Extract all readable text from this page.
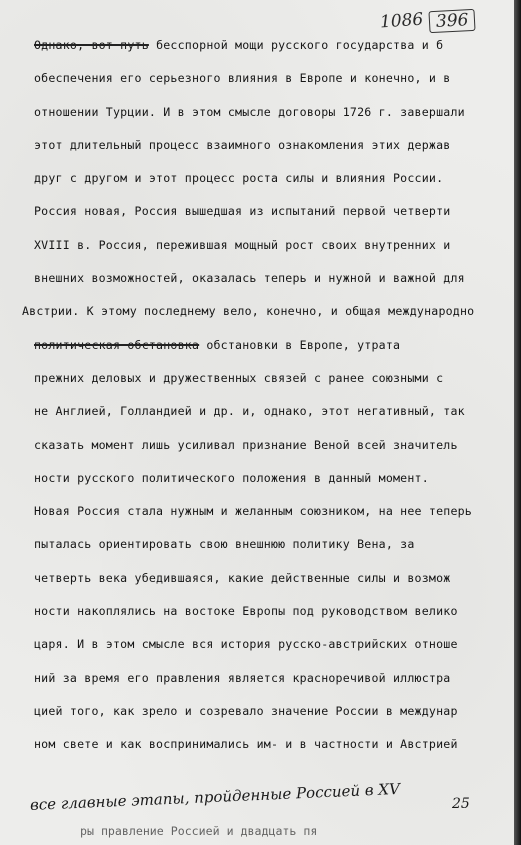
1086 396
Однако, вот путь бесспорной мощи русского государства и б
обеспечения его серьезного влияния в Европе и конечно, и в
отношении Турции. И в этом смысле договоры 1726 г. завершали
этот длительный процесс взаимного ознакомления этих держав
друг с другом и этот процесс роста силы и влияния России.
Россия новая, Россия вышедшая из испытаний первой четверти
XVIII в. Россия, пережившая мощный рост своих внутренних и
внешних возможностей, оказалась теперь и нужной и важной для
Австрии. К этому последнему вело, конечно, и общая международно
политическая обстановка обстановки в Европе, утрата
прежних деловых и дружественных связей с ранее союзными с
не Англией, Голландией и др. и, однако, этот негативный, так
сказать момент лишь усиливал признание Веной всей значитель
ности русского политического положения в данный момент.
Новая Россия стала нужным и желанным союзником, на нее теперь
пыталась ориентировать свою внешнюю политику Вена, за
четверть века убедившаяся, какие действенные силы и возмож
ности накоплялись на востоке Европы под руководством велико
царя. И в этом смысле вся история русско-австрийских отноше
ний за время его правления является красноречивой иллюстра
цией того, как зрело и созревало значение России в междунар
ном свете и как воспринимались им- и в частности и Австрией
все главные этапы, пройденные Россией в ХV	25
ры правление Россией и двадцать пя
